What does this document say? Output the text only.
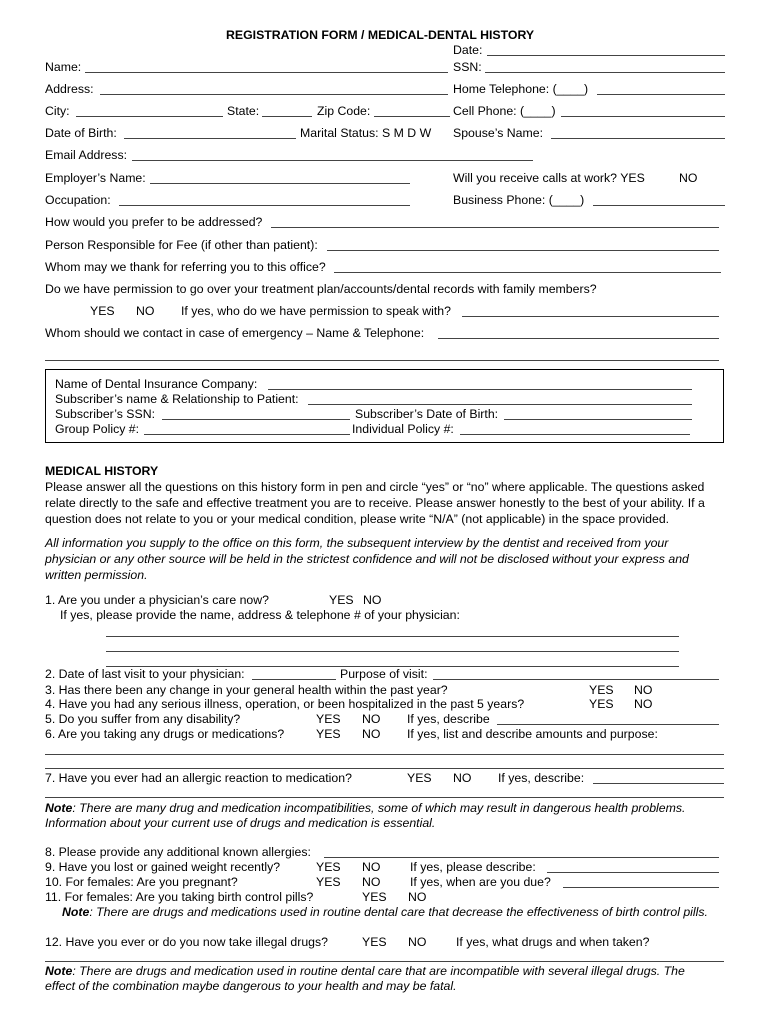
REGISTRATION FORM / MEDICAL-DENTAL HISTORY
Date:
Name:	SSN:
Address:	Home Telephone: (____)
City:	State:	Zip Code:	Cell Phone: (____)
Date of Birth:	Marital Status: S M D W Spouse’s Name:
Email Address:
Employer’s Name:	Will you receive calls at work? YES	NO
Occupation:	Business Phone: (____)
How would you prefer to be addressed?
Person Responsible for Fee (if other than patient):
Whom may we thank for referring you to this office?
Do we have permission to go over your treatment plan/accounts/dental records with family members?
YES NO If yes, who do we have permission to speak with?
Whom should we contact in case of emergency – Name & Telephone:
Name of Dental Insurance Company:
Subscriber’s name & Relationship to Patient:
Subscriber’s SSN:	Subscriber’s Date of Birth:
Group Policy #:	Individual Policy #:
MEDICAL HISTORY
Please answer all the questions on this history form in pen and circle “yes” or “no” where applicable. The questions asked relate directly to the safe and effective treatment you are to receive. Please answer honestly to the best of your ability. If a question does not relate to you or your medical condition, please write “N/A” (not applicable) in the space provided.
All information you supply to the office on this form, the subsequent interview by the dentist and received from your physician or any other source will be held in the strictest confidence and will not be disclosed without your express and written permission.
1. Are you under a physician’s care now?	YES NO
If yes, please provide the name, address & telephone # of your physician:
2. Date of last visit to your physician:	Purpose of visit:
3. Has there been any change in your general health within the past year?	YES NO
4. Have you had any serious illness, operation, or been hospitalized in the past 5 years?	YES NO
5. Do you suffer from any disability?	YES NO If yes, describe
6. Are you taking any drugs or medications?	YES NO If yes, list and describe amounts and purpose:
7. Have you ever had an allergic reaction to medication?	YES NO If yes, describe:
Note: There are many drug and medication incompatibilities, some of which may result in dangerous health problems.
Information about your current use of drugs and medication is essential.
8. Please provide any additional known allergies:
9. Have you lost or gained weight recently?	YES NO If yes, please describe:
10. For females: Are you pregnant?	YES NO If yes, when are you due?
11. For females: Are you taking birth control pills?	YES NO
Note: There are drugs and medications used in routine dental care that decrease the effectiveness of birth control pills.
12. Have you ever or do you now take illegal drugs?	YES NO If yes, what drugs and when taken?
Note: There are drugs and medication used in routine dental care that are incompatible with several illegal drugs. The
effect of the combination maybe dangerous to your health and may be fatal.
